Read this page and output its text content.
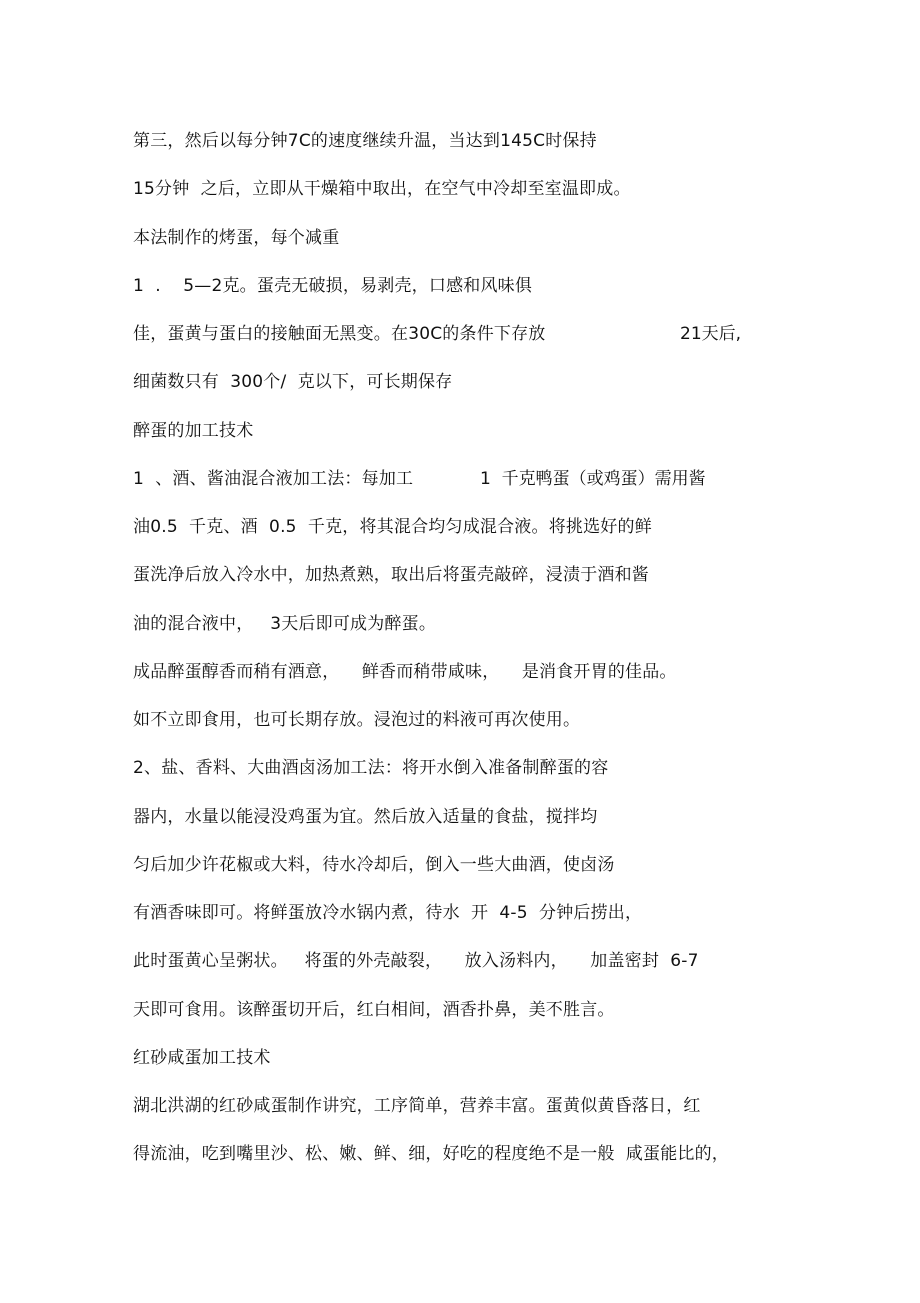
第三，然后以每分钟7C的速度继续升温，当达到145C时保持
15分钟  之后，立即从干燥箱中取出，在空气中冷却至室温即成。
本法制作的烤蛋，每个减重
1  .    5—2克。蛋壳无破损，易剥壳，口感和风味俱
佳，蛋黄与蛋白的接触面无黑变。在30C的条件下存放	21天后,
细菌数只有  300个/  克以下，可长期保存
醉蛋的加工技术
1  、酒、酱油混合液加工法：每加工	1  千克鸭蛋（或鸡蛋）需用酱
油0.5  千克、酒  0.5  千克，将其混合均匀成混合液。将挑选好的鲜
蛋洗净后放入冷水中，加热煮熟，取出后将蛋壳敲碎，浸渍于酒和酱
油的混合液中，   3天后即可成为醉蛋。
成品醉蛋醇香而稍有酒意，    鲜香而稍带咸味，    是消食开胃的佳品。
如不立即食用，也可长期存放。浸泡过的料液可再次使用。
2、盐、香料、大曲酒卤汤加工法：将开水倒入准备制醉蛋的容
器内，水量以能浸没鸡蛋为宜。然后放入适量的食盐，搅拌均
匀后加少许花椒或大料，待水冷却后，倒入一些大曲酒，使卤汤
有酒香味即可。将鲜蛋放冷水锅内煮，待水  开  4-5  分钟后捞出，
此时蛋黄心呈粥状。   将蛋的外壳敲裂，    放入汤料内，    加盖密封  6-7
天即可食用。该醉蛋切开后，红白相间，酒香扑鼻，美不胜言。
红砂咸蛋加工技术
湖北洪湖的红砂咸蛋制作讲究，工序简单，营养丰富。蛋黄似黄昏落日，红
得流油，吃到嘴里沙、松、嫩、鲜、细，好吃的程度绝不是一般  咸蛋能比的，
